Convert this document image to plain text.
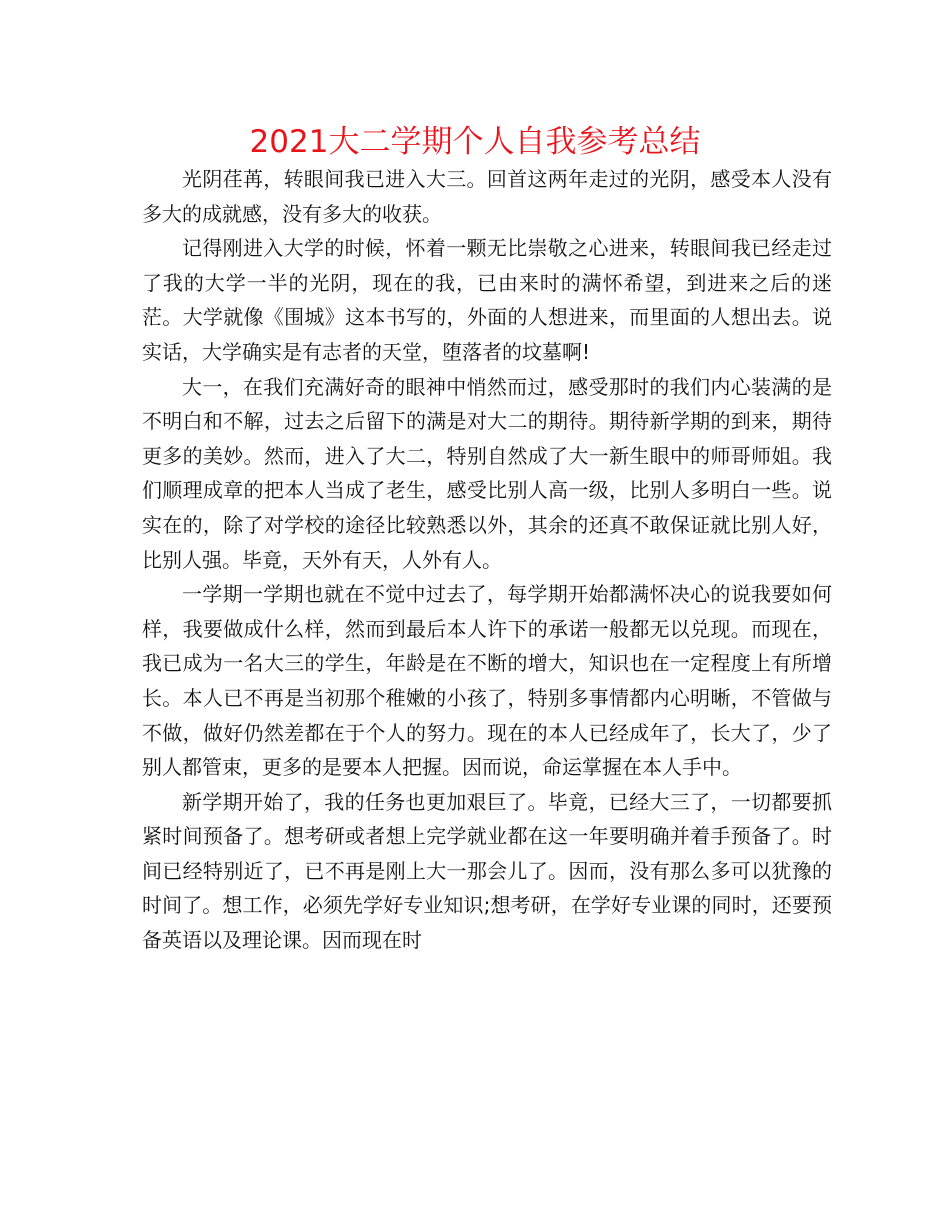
2021大二学期个人自我参考总结

光阴荏苒，转眼间我已进入大三。回首这两年走过的光阴，感受本人没有多大的成就感，没有多大的收获。

记得刚进入大学的时候，怀着一颗无比崇敬之心进来，转眼间我已经走过了我的大学一半的光阴，现在的我，已由来时的满怀希望，到进来之后的迷茫。大学就像《围城》这本书写的，外面的人想进来，而里面的人想出去。说实话，大学确实是有志者的天堂，堕落者的坟墓啊!

大一，在我们充满好奇的眼神中悄然而过，感受那时的我们内心装满的是不明白和不解，过去之后留下的满是对大二的期待。期待新学期的到来，期待更多的美妙。然而，进入了大二，特别自然成了大一新生眼中的师哥师姐。我们顺理成章的把本人当成了老生，感受比别人高一级，比别人多明白一些。说实在的，除了对学校的途径比较熟悉以外，其余的还真不敢保证就比别人好，比别人强。毕竟，天外有天，人外有人。

一学期一学期也就在不觉中过去了，每学期开始都满怀决心的说我要如何样，我要做成什么样，然而到最后本人许下的承诺一般都无以兑现。而现在，我已成为一名大三的学生，年龄是在不断的增大，知识也在一定程度上有所增长。本人已不再是当初那个稚嫩的小孩了，特别多事情都内心明晰，不管做与不做，做好仍然差都在于个人的努力。现在的本人已经成年了，长大了，少了别人都管束，更多的是要本人把握。因而说，命运掌握在本人手中。

新学期开始了，我的任务也更加艰巨了。毕竟，已经大三了，一切都要抓紧时间预备了。想考研或者想上完学就业都在这一年要明确并着手预备了。时间已经特别近了，已不再是刚上大一那会儿了。因而，没有那么多可以犹豫的时间了。想工作，必须先学好专业知识;想考研，在学好专业课的同时，还要预备英语以及理论课。因而现在时
